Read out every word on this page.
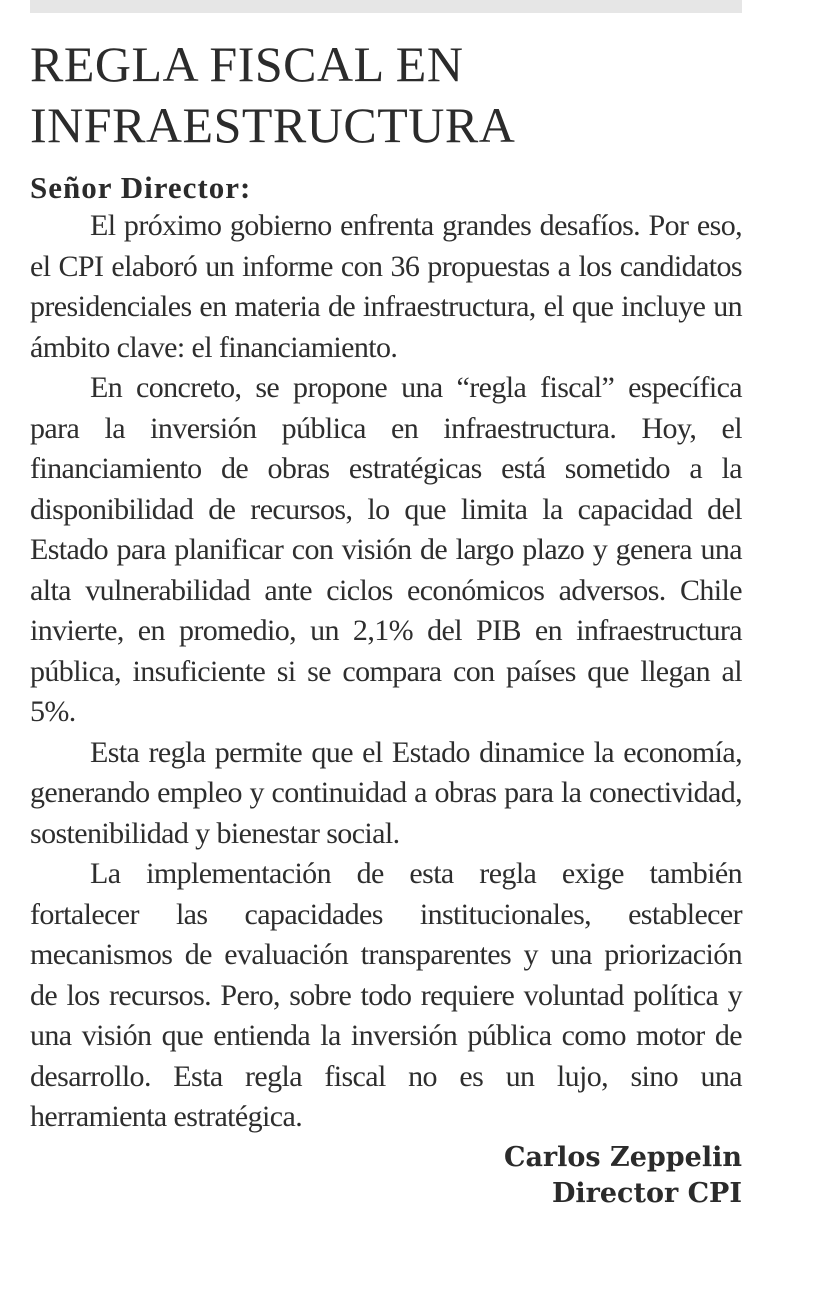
REGLA FISCAL EN
INFRAESTRUCTURA
Señor Director:

El próximo gobierno enfrenta grandes desafíos. Por eso, el CPI elaboró un informe con 36 propuestas a los candidatos presidenciales en materia de infraestructura, el que incluye un ámbito clave: el financiamiento.

En concreto, se propone una “regla fiscal” específica para la inversión pública en infraestructura. Hoy, el financiamiento de obras estratégicas está sometido a la disponibilidad de recursos, lo que limita la capacidad del Estado para planificar con visión de largo plazo y genera una alta vulnerabilidad ante ciclos económicos adversos. Chile invierte, en promedio, un 2,1% del PIB en infraestructura pública, insuficiente si se compara con países que llegan al 5%.

Esta regla permite que el Estado dinamice la economía, generando empleo y continuidad a obras para la conectividad, sostenibilidad y bienestar social.

La implementación de esta regla exige también fortalecer las capacidades institucionales, establecer mecanismos de evaluación transparentes y una priorización de los recursos. Pero, sobre todo requiere voluntad política y una visión que entienda la inversión pública como motor de desarrollo. Esta regla fiscal no es un lujo, sino una herramienta estratégica.

Carlos Zeppelin
Director CPI
